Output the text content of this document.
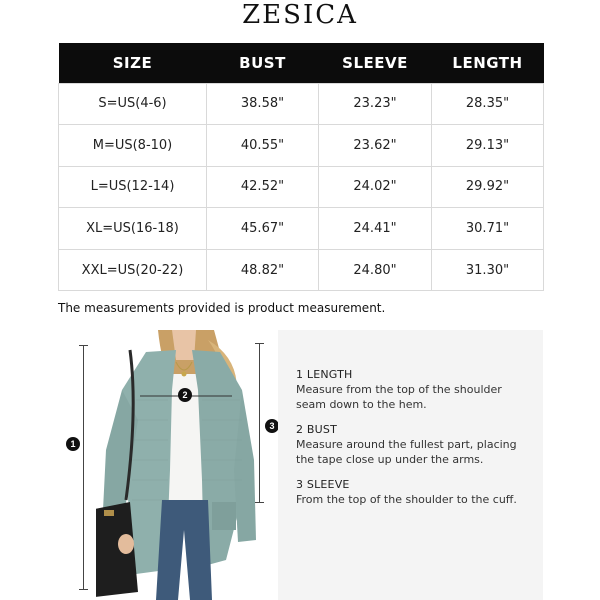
ZESICA
SIZE	BUST	SLEEVE	LENGTH
S=US(4-6)	38.58"	23.23"	28.35"
M=US(8-10)	40.55"	23.62"	29.13"
L=US(12-14)	42.52"	24.02"	29.92"
XL=US(16-18)	45.67"	24.41"	30.71"
XXL=US(20-22)	48.82"	24.80"	31.30"
The measurements provided is product measurement.
1
2
3
1 LENGTH
Measure from the top of the shoulder
seam down to the hem.
2 BUST
Measure around the fullest part, placing
the tape close up under the arms.
3 SLEEVE
From the top of the shoulder to the cuff.
